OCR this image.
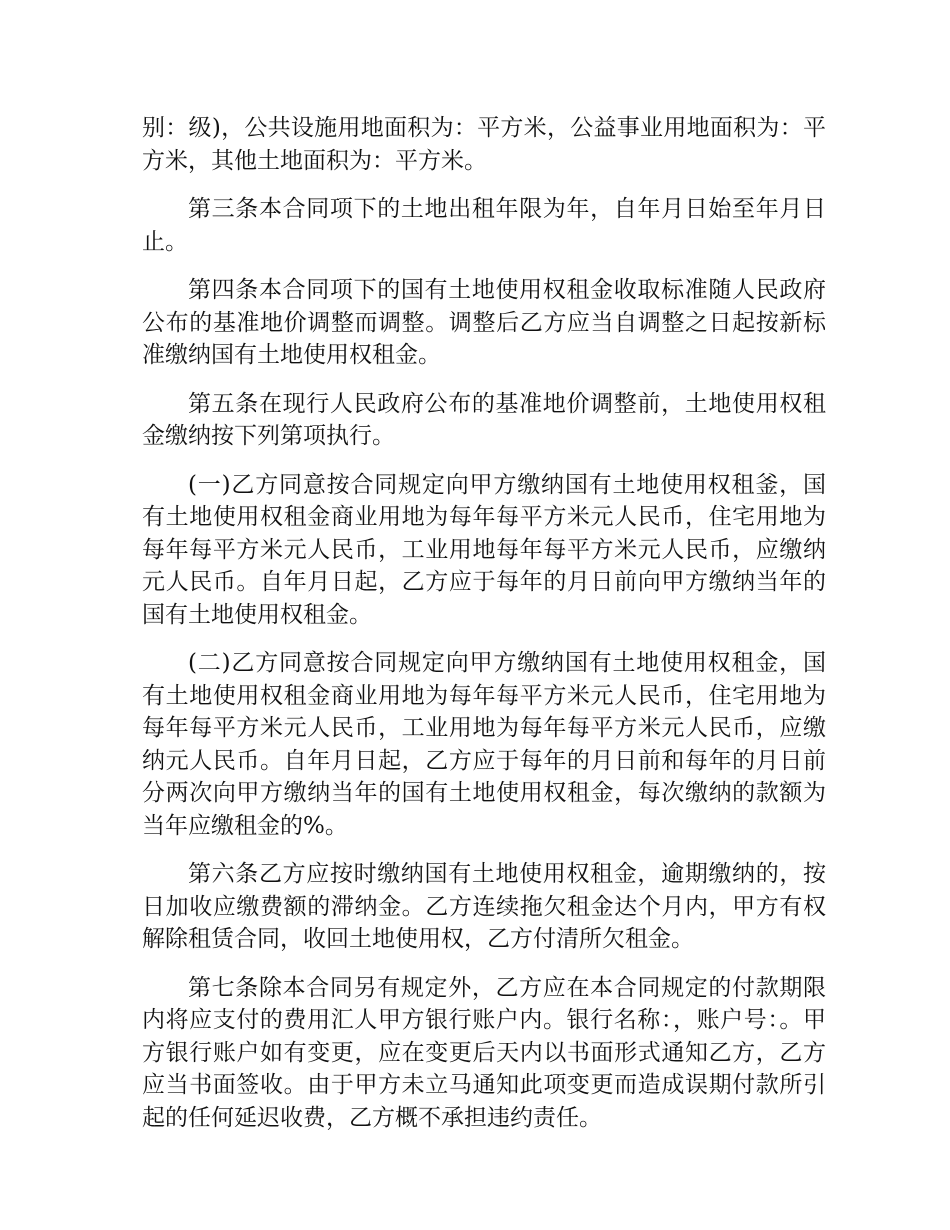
别：级)，公共设施用地面积为：平方米，公益事业用地面积为：平方米，其他土地面积为：平方米。

第三条本合同项下的土地出租年限为年，自年月日始至年月日止。

第四条本合同项下的国有土地使用权租金收取标准随人民政府公布的基准地价调整而调整。调整后乙方应当自调整之日起按新标准缴纳国有土地使用权租金。

第五条在现行人民政府公布的基准地价调整前，土地使用权租金缴纳按下列第项执行。

(一)乙方同意按合同规定向甲方缴纳国有土地使用权租釜，国有土地使用权租金商业用地为每年每平方米元人民币，住宅用地为每年每平方米元人民币，工业用地每年每平方米元人民币，应缴纳元人民币。自年月日起，乙方应于每年的月日前向甲方缴纳当年的国有土地使用权租金。

(二)乙方同意按合同规定向甲方缴纳国有土地使用权租金，国有土地使用权租金商业用地为每年每平方米元人民币，住宅用地为每年每平方米元人民币，工业用地为每年每平方米元人民币，应缴纳元人民币。自年月日起，乙方应于每年的月日前和每年的月日前分两次向甲方缴纳当年的国有土地使用权租金，每次缴纳的款额为当年应缴租金的%。

第六条乙方应按时缴纳国有土地使用权租金，逾期缴纳的，按日加收应缴费额的滞纳金。乙方连续拖欠租金达个月内，甲方有权解除租赁合同，收回土地使用权，乙方付清所欠租金。

第七条除本合同另有规定外，乙方应在本合同规定的付款期限内将应支付的费用汇人甲方银行账户内。银行名称：，账户号：。甲方银行账户如有变更，应在变更后天内以书面形式通知乙方，乙方应当书面签收。由于甲方未立马通知此项变更而造成误期付款所引起的任何延迟收费，乙方概不承担违约责任。
